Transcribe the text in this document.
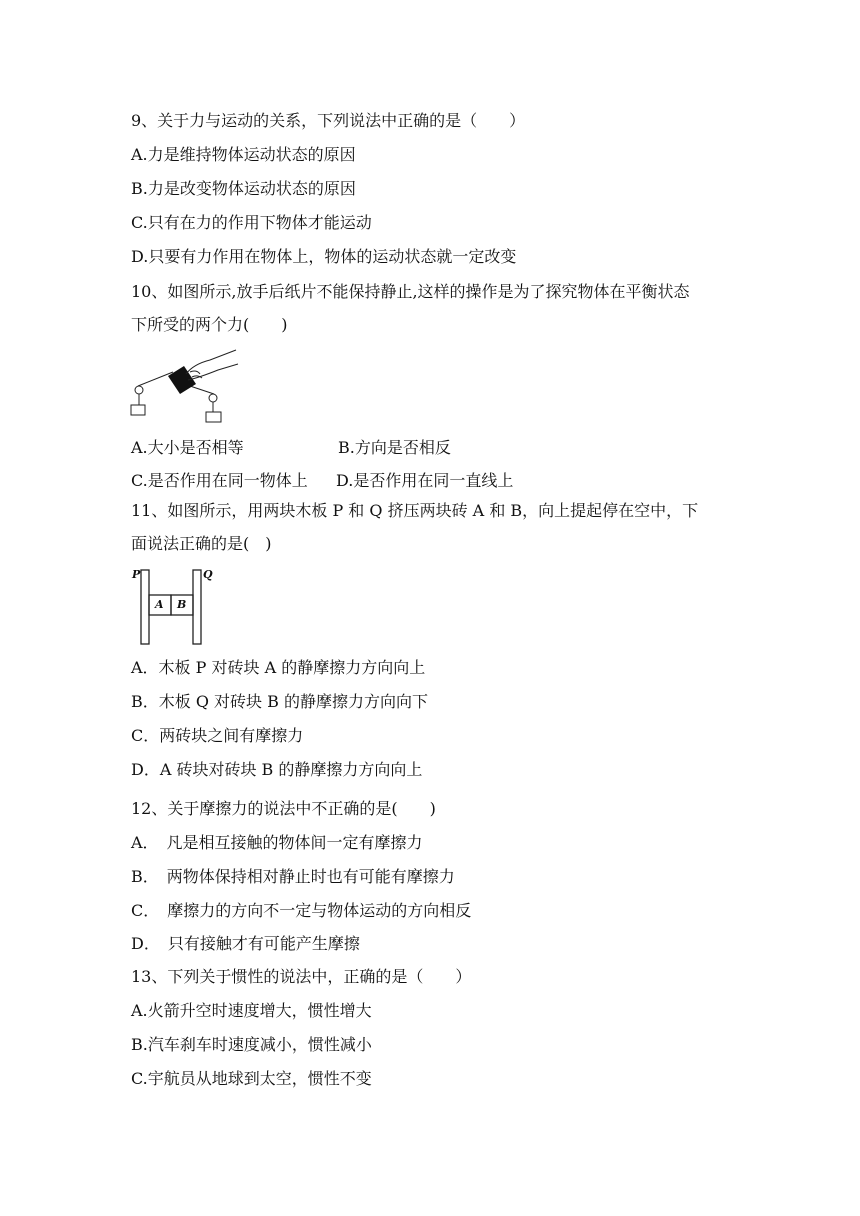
9、关于力与运动的关系，下列说法中正确的是（　　）
A.力是维持物体运动状态的原因
B.力是改变物体运动状态的原因
C.只有在力的作用下物体才能运动
D.只要有力作用在物体上，物体的运动状态就一定改变
10、如图所示,放手后纸片不能保持静止,这样的操作是为了探究物体在平衡状态
下所受的两个力(　　)
A.大小是否相等	B.方向是否相反
C.是否作用在同一物体上 D.是否作用在同一直线上
11、如图所示，用两块木板 P 和 Q 挤压两块砖 A 和 B，向上提起停在空中，下
面说法正确的是(　)
P	Q
A B
A．木板 P 对砖块 A 的静摩擦力方向向上
B．木板 Q 对砖块 B 的静摩擦力方向向下
C．两砖块之间有摩擦力
D．A 砖块对砖块 B 的静摩擦力方向向上
12、关于摩擦力的说法中不正确的是(　　)
A．　凡是相互接触的物体间一定有摩擦力
B．　两物体保持相对静止时也有可能有摩擦力
C．　摩擦力的方向不一定与物体运动的方向相反
D．　只有接触才有可能产生摩擦
13、下列关于惯性的说法中，正确的是（　　）
A.火箭升空时速度增大，惯性增大
B.汽车刹车时速度减小，惯性减小
C.宇航员从地球到太空，惯性不变
